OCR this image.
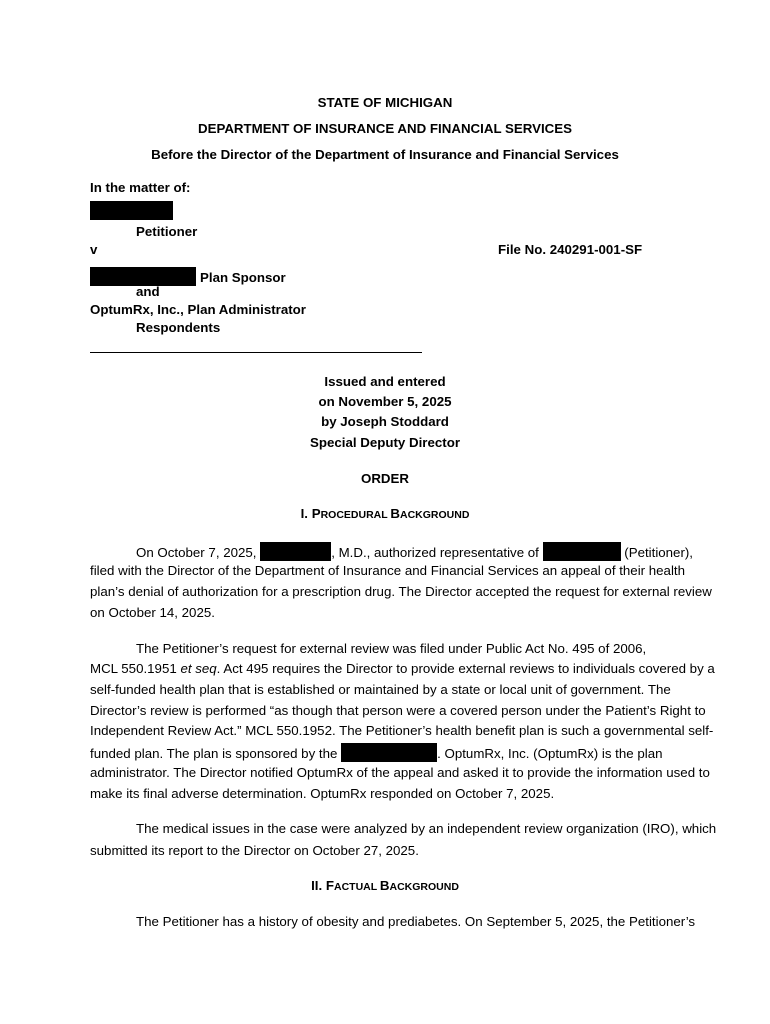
STATE OF MICHIGAN
DEPARTMENT OF INSURANCE AND FINANCIAL SERVICES
Before the Director of the Department of Insurance and Financial Services
In the matter of:
Petitioner
v	File No. 240291-001-SF
Plan Sponsor
and
OptumRx, Inc., Plan Administrator
Respondents
Issued and entered
on November 5, 2025
by Joseph Stoddard
Special Deputy Director
ORDER
I. PROCEDURAL BACKGROUND
On October 7, 2025,	, M.D., authorized representative of	(Petitioner),
filed with the Director of the Department of Insurance and Financial Services an appeal of their health
plan’s denial of authorization for a prescription drug. The Director accepted the request for external review
on October 14, 2025.
The Petitioner’s request for external review was filed under Public Act No. 495 of 2006,
MCL 550.1951 et seq. Act 495 requires the Director to provide external reviews to individuals covered by a
self-funded health plan that is established or maintained by a state or local unit of government. The
Director’s review is performed “as though that person were a covered person under the Patient’s Right to
Independent Review Act.” MCL 550.1952. The Petitioner’s health benefit plan is such a governmental self-
funded plan. The plan is sponsored by the	. OptumRx, Inc. (OptumRx) is the plan
administrator. The Director notified OptumRx of the appeal and asked it to provide the information used to
make its final adverse determination. OptumRx responded on October 7, 2025.
The medical issues in the case were analyzed by an independent review organization (IRO), which
submitted its report to the Director on October 27, 2025.
II. FACTUAL BACKGROUND
The Petitioner has a history of obesity and prediabetes. On September 5, 2025, the Petitioner’s
